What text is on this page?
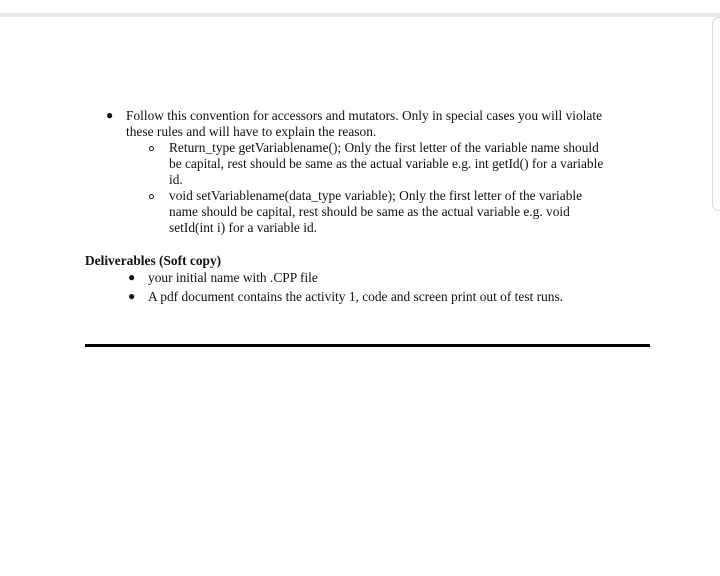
● Follow this convention for accessors and mutators. Only in special cases you will violate
these rules and will have to explain the reason.
Return_type getVariablename(); Only the first letter of the variable name should
be capital, rest should be same as the actual variable e.g. int getId() for a variable
id.
void setVariablename(data_type variable); Only the first letter of the variable
name should be capital, rest should be same as the actual variable e.g. void
setId(int i) for a variable id.
Deliverables (Soft copy)
● your initial name with .CPP file
● A pdf document contains the activity 1, code and screen print out of test runs.
